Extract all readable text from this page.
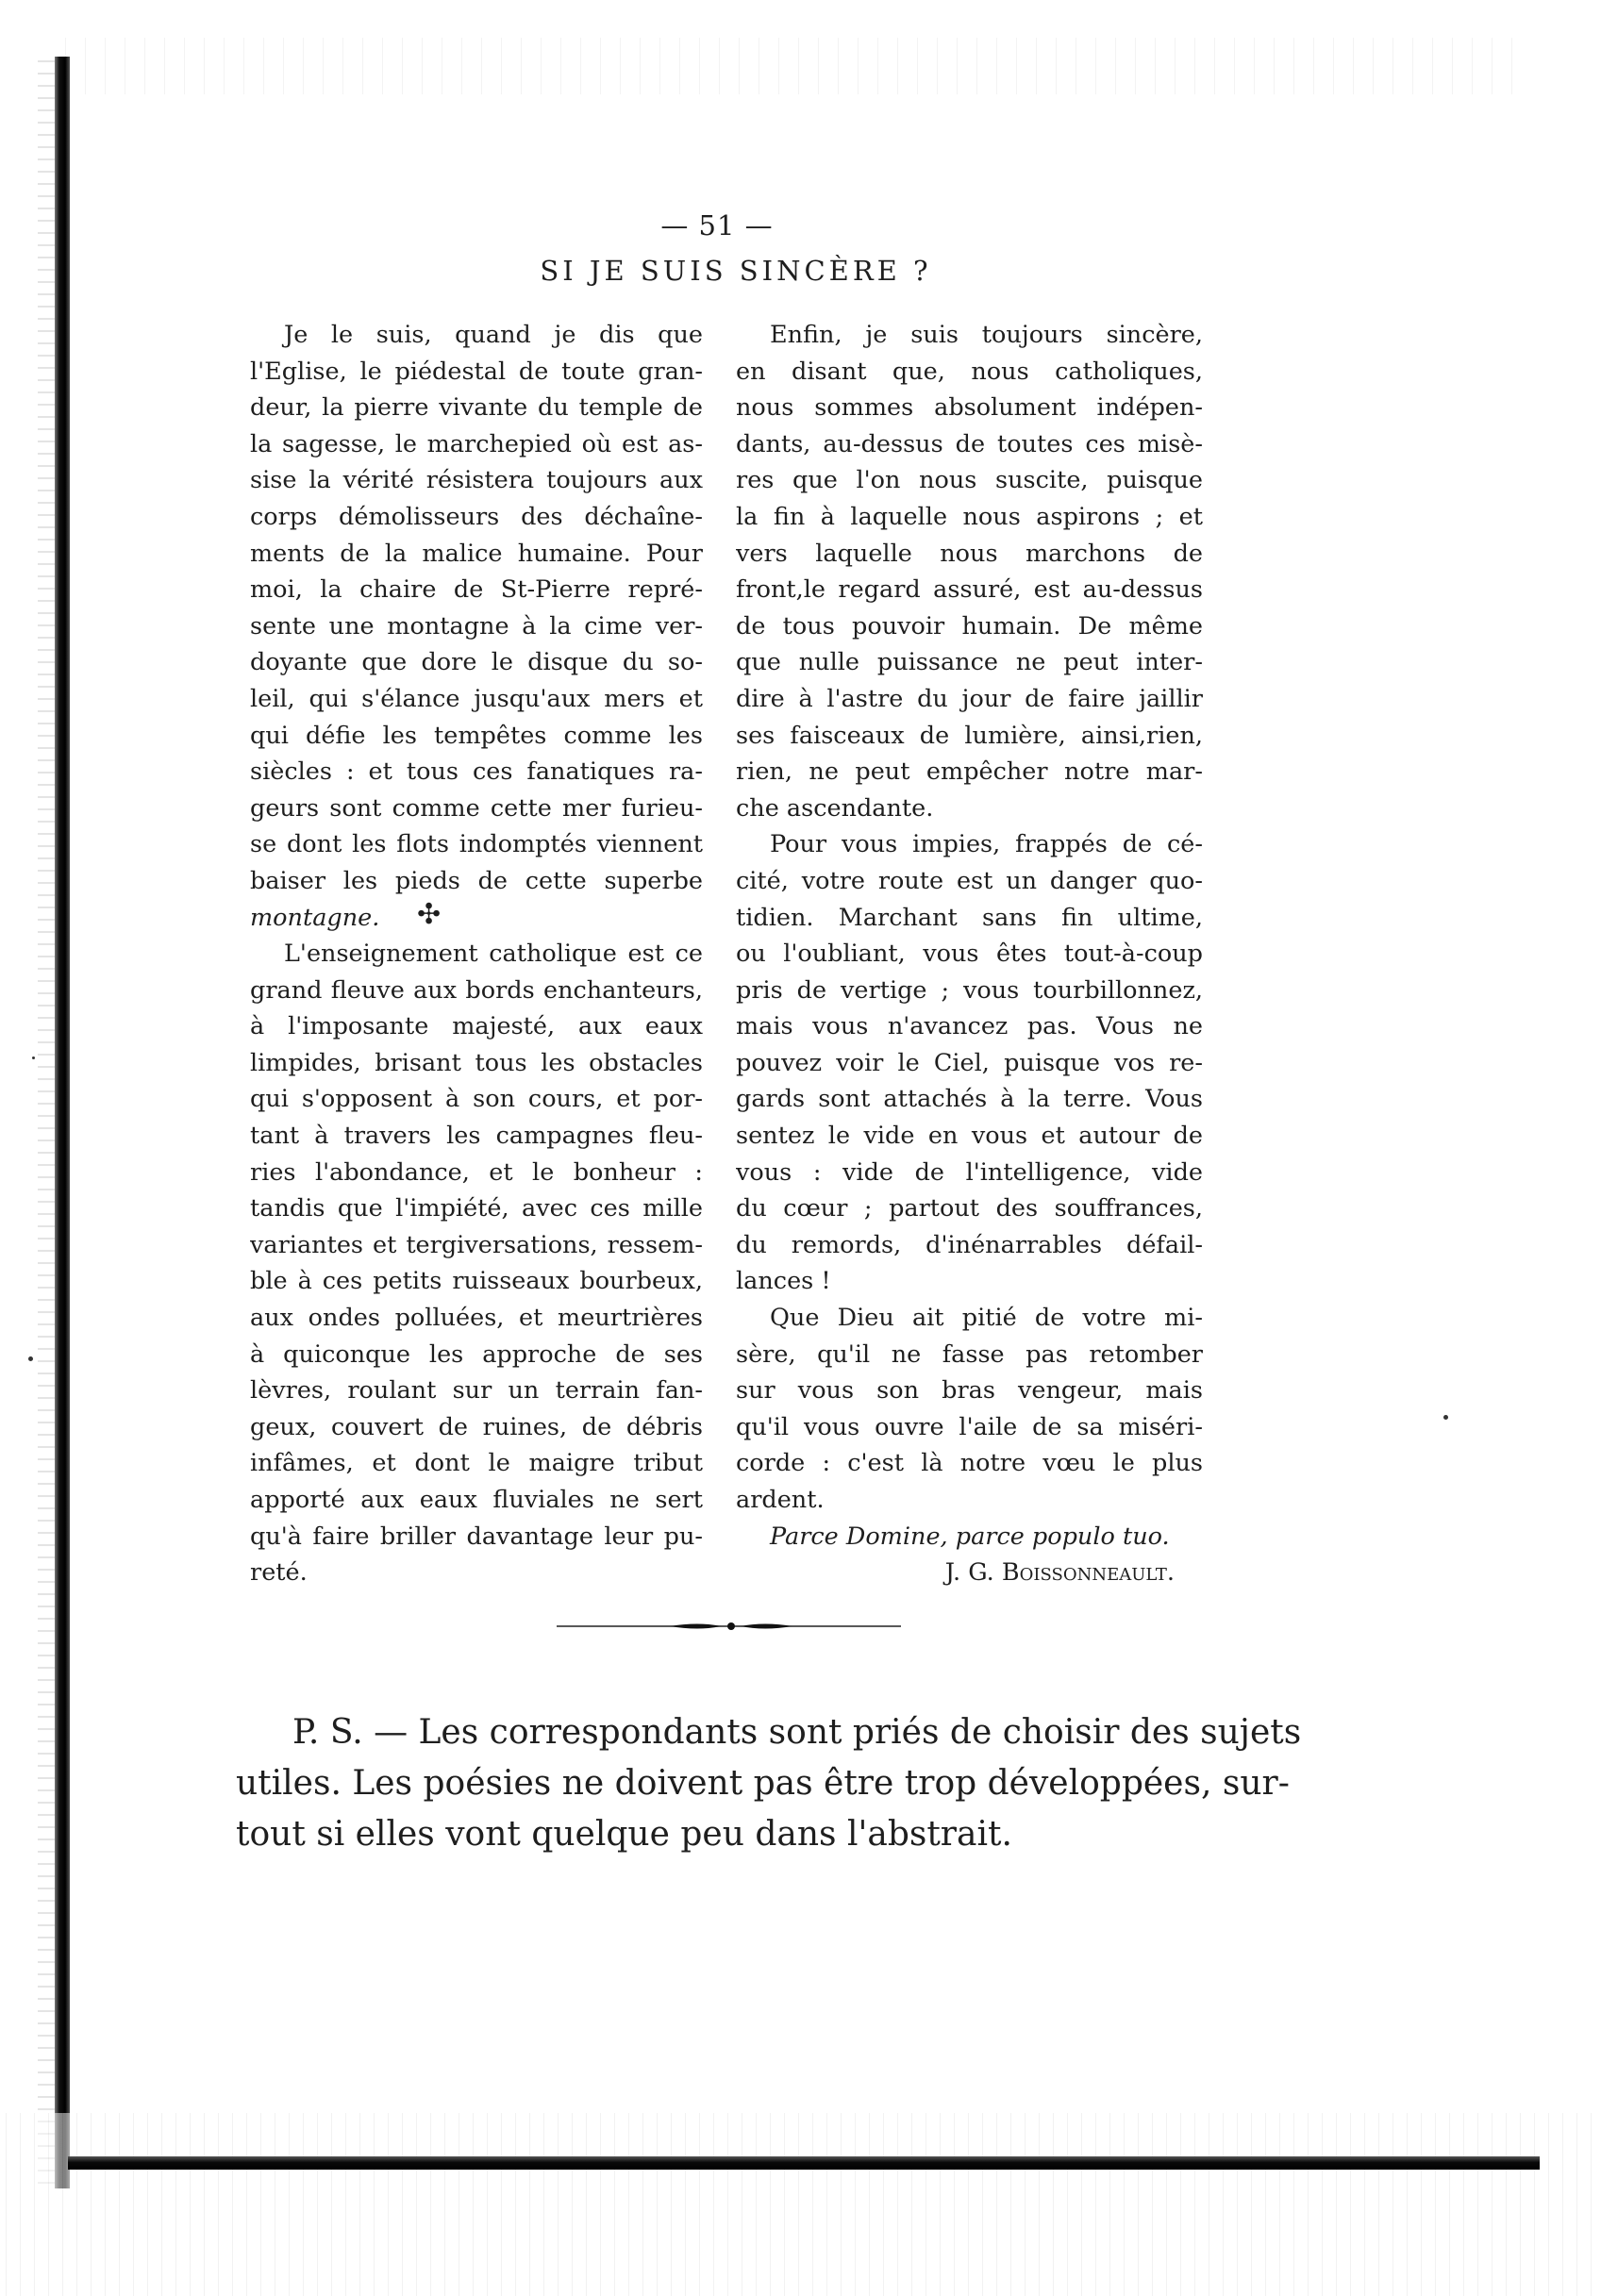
— 51 —
SI JE SUIS SINCÈRE ?
Je le suis, quand je dis que
l'Eglise, le piédestal de toute gran-
deur, la pierre vivante du temple de
la sagesse, le marchepied où est as-
sise la vérité résistera toujours aux
corps démolisseurs des déchaîne-
ments de la malice humaine. Pour
moi, la chaire de St-Pierre repré-
sente une montagne à la cime ver-
doyante que dore le disque du so-
leil, qui s'élance jusqu'aux mers et
qui défie les tempêtes comme les
siècles : et tous ces fanatiques ra-
geurs sont comme cette mer furieu-
se dont les flots indomptés viennent
baiser les pieds de cette superbe
montagne.
L'enseignement catholique est ce
grand fleuve aux bords enchanteurs,
à l'imposante majesté, aux eaux
limpides, brisant tous les obstacles
qui s'opposent à son cours, et por-
tant à travers les campagnes fleu-
ries l'abondance, et le bonheur :
tandis que l'impiété, avec ces mille
variantes et tergiversations, ressem-
ble à ces petits ruisseaux bourbeux,
aux ondes polluées, et meurtrières
à quiconque les approche de ses
lèvres, roulant sur un terrain fan-
geux, couvert de ruines, de débris
infâmes, et dont le maigre tribut
apporté aux eaux fluviales ne sert
qu'à faire briller davantage leur pu-
reté.
✣
Enfin, je suis toujours sincère,
en disant que, nous catholiques,
nous sommes absolument indépen-
dants, au-dessus de toutes ces misè-
res que l'on nous suscite, puisque
la fin à laquelle nous aspirons ; et
vers laquelle nous marchons de
front,le regard assuré, est au-dessus
de tous pouvoir humain. De même
que nulle puissance ne peut inter-
dire à l'astre du jour de faire jaillir
ses faisceaux de lumière, ainsi,rien,
rien, ne peut empêcher notre mar-
che ascendante.
Pour vous impies, frappés de cé-
cité, votre route est un danger quo-
tidien. Marchant sans fin ultime,
ou l'oubliant, vous êtes tout-à-coup
pris de vertige ; vous tourbillonnez,
mais vous n'avancez pas. Vous ne
pouvez voir le Ciel, puisque vos re-
gards sont attachés à la terre. Vous
sentez le vide en vous et autour de
vous : vide de l'intelligence, vide
du cœur ; partout des souffrances,
du remords, d'inénarrables défail-
lances !
Que Dieu ait pitié de votre mi-
sère, qu'il ne fasse pas retomber
sur vous son bras vengeur, mais
qu'il vous ouvre l'aile de sa miséri-
corde : c'est là notre vœu le plus
ardent.
Parce Domine, parce populo tuo.
J. G. Boissonneault.
P. S. — Les correspondants sont priés de choisir des sujets
utiles. Les poésies ne doivent pas être trop développées, sur-
tout si elles vont quelque peu dans l'abstrait.
